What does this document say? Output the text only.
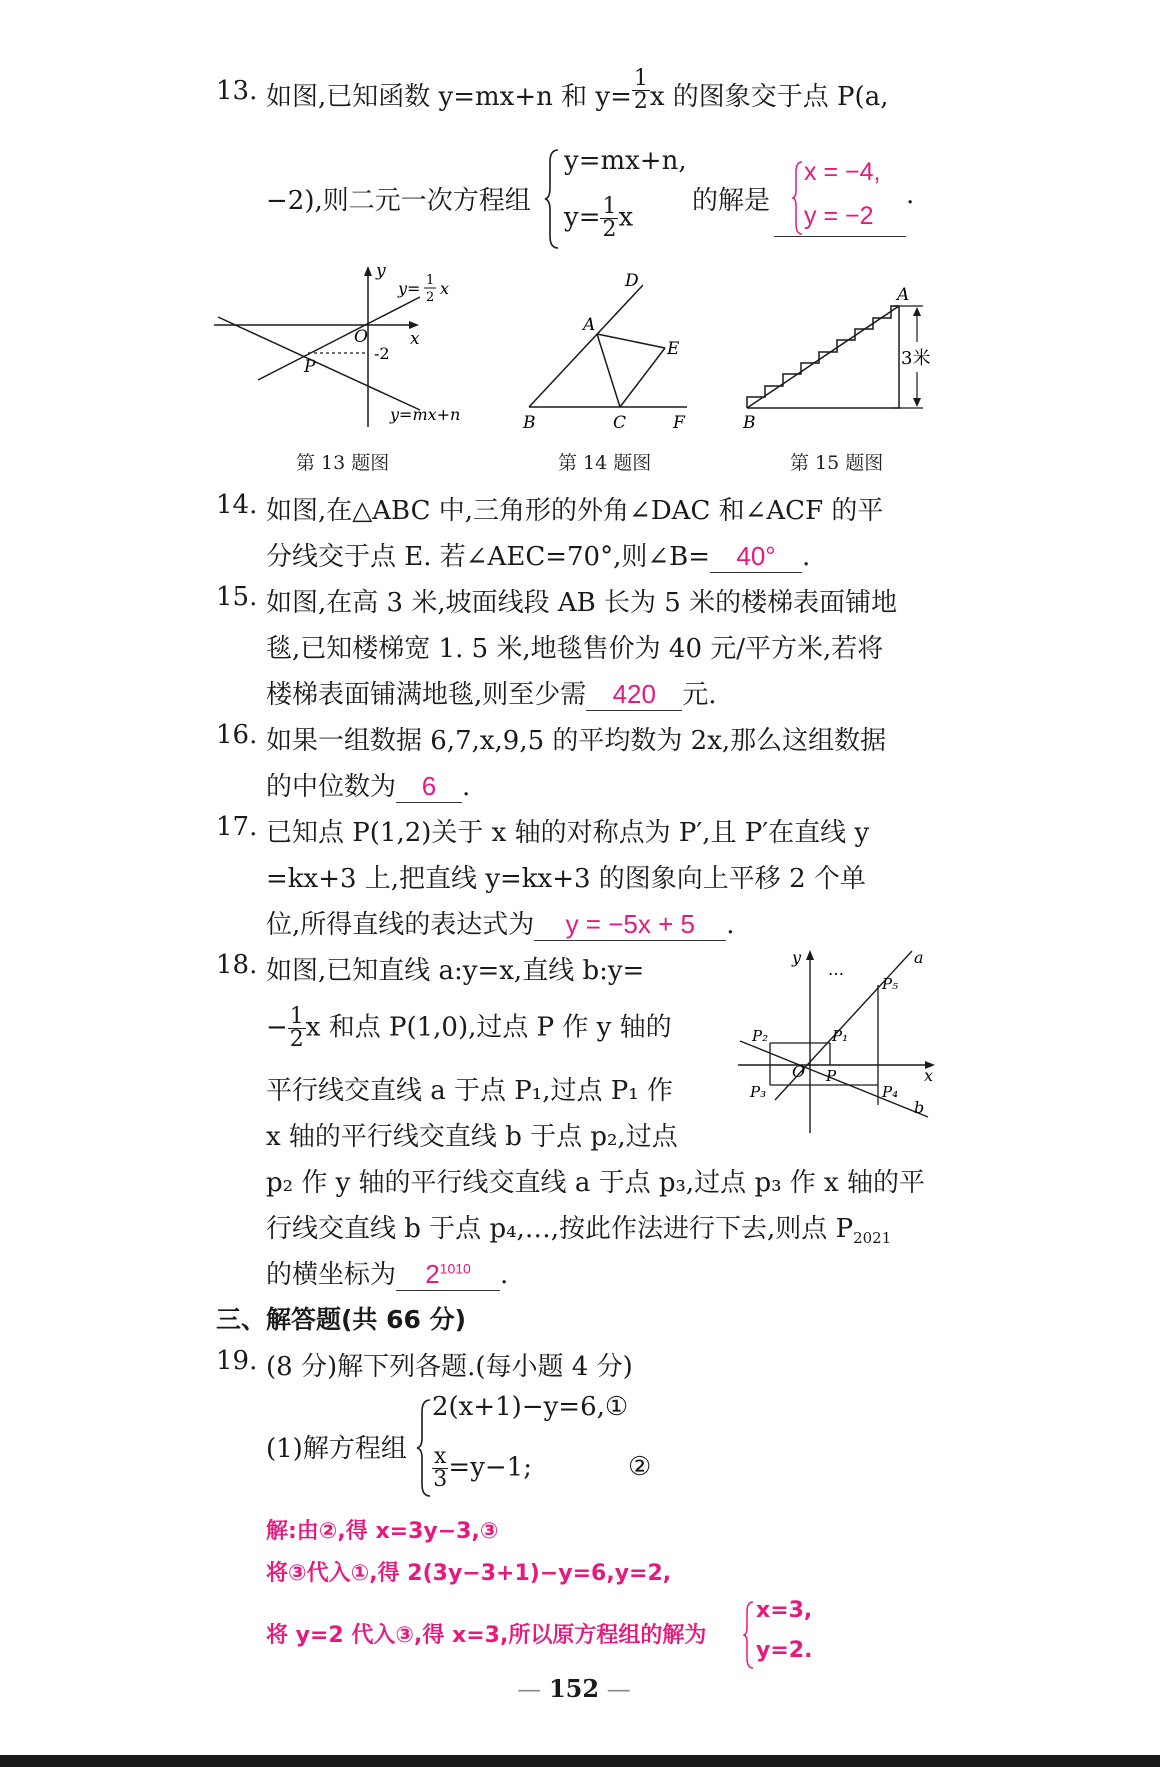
13. 如图,已知函数 y=mx+n 和 $y= \frac{1}{2}$ x 的图象交于点 P(a,
−2),则二元一次方程组
y=mx+n,
$y= \frac{1}{2}$ x
的解是
x = −4,
y = −2
.
y
x
O
P
-2
y= 1
2 x
y=mx+n
第 13 题图
A
B	C
D
E
F
第 14 题图
A
B
3米
第 15 题图
14. 如图,在△ABC 中,三角形的外角∠DAC 和∠ACF 的平
分线交于点 E. 若∠AEC=70°,则∠B= 40° .
15. 如图,在高 3 米,坡面线段 AB 长为 5 米的楼梯表面铺地
毯,已知楼梯宽 1. 5 米,地毯售价为 40 元/平方米,若将
楼梯表面铺满地毯,则至少需 420 元.
16. 如果一组数据 6,7,x,9,5 的平均数为 2x,那么这组数据
的中位数为 6 .
17. 已知点 P(1,2)关于 x 轴的对称点为 P′,且 P′在直线 y
=kx+3 上,把直线 y=kx+3 的图象向上平移 2 个单
位,所得直线的表达式为 y = −5x + 5 .
18. 如图,已知直线 a:y=x,直线 b:y=
− $\frac{1}{2}$ x 和点 P(1,0),过点 P 作 y 轴的
平行线交直线 a 于点 P₁,过点 P₁ 作
x 轴的平行线交直线 b 于点 p₂,过点
p₂ 作 y 轴的平行线交直线 a 于点 p₃,过点 p₃ 作 x 轴的平
行线交直线 b 于点 p₄,…,按此作法进行下去,则点 $P_{2021}$
的横坐标为 $2^{1010}$ .
y
x
O P
a
b
…
P₁
P₂
P₃	P₄
P₅
三、解答题(共 66 分)
19. (8 分)解下列各题.(每小题 4 分)
(1)解方程组
2(x+1)−y=6,①
$\frac{x}{3} =y-1$;	②
解:由②,得 x=3y−3,③
将③代入①,得 2(3y−3+1)−y=6,y=2,
将 y=2 代入③,得 x=3,所以原方程组的解为
x=3,
y=2.
— 152 —
